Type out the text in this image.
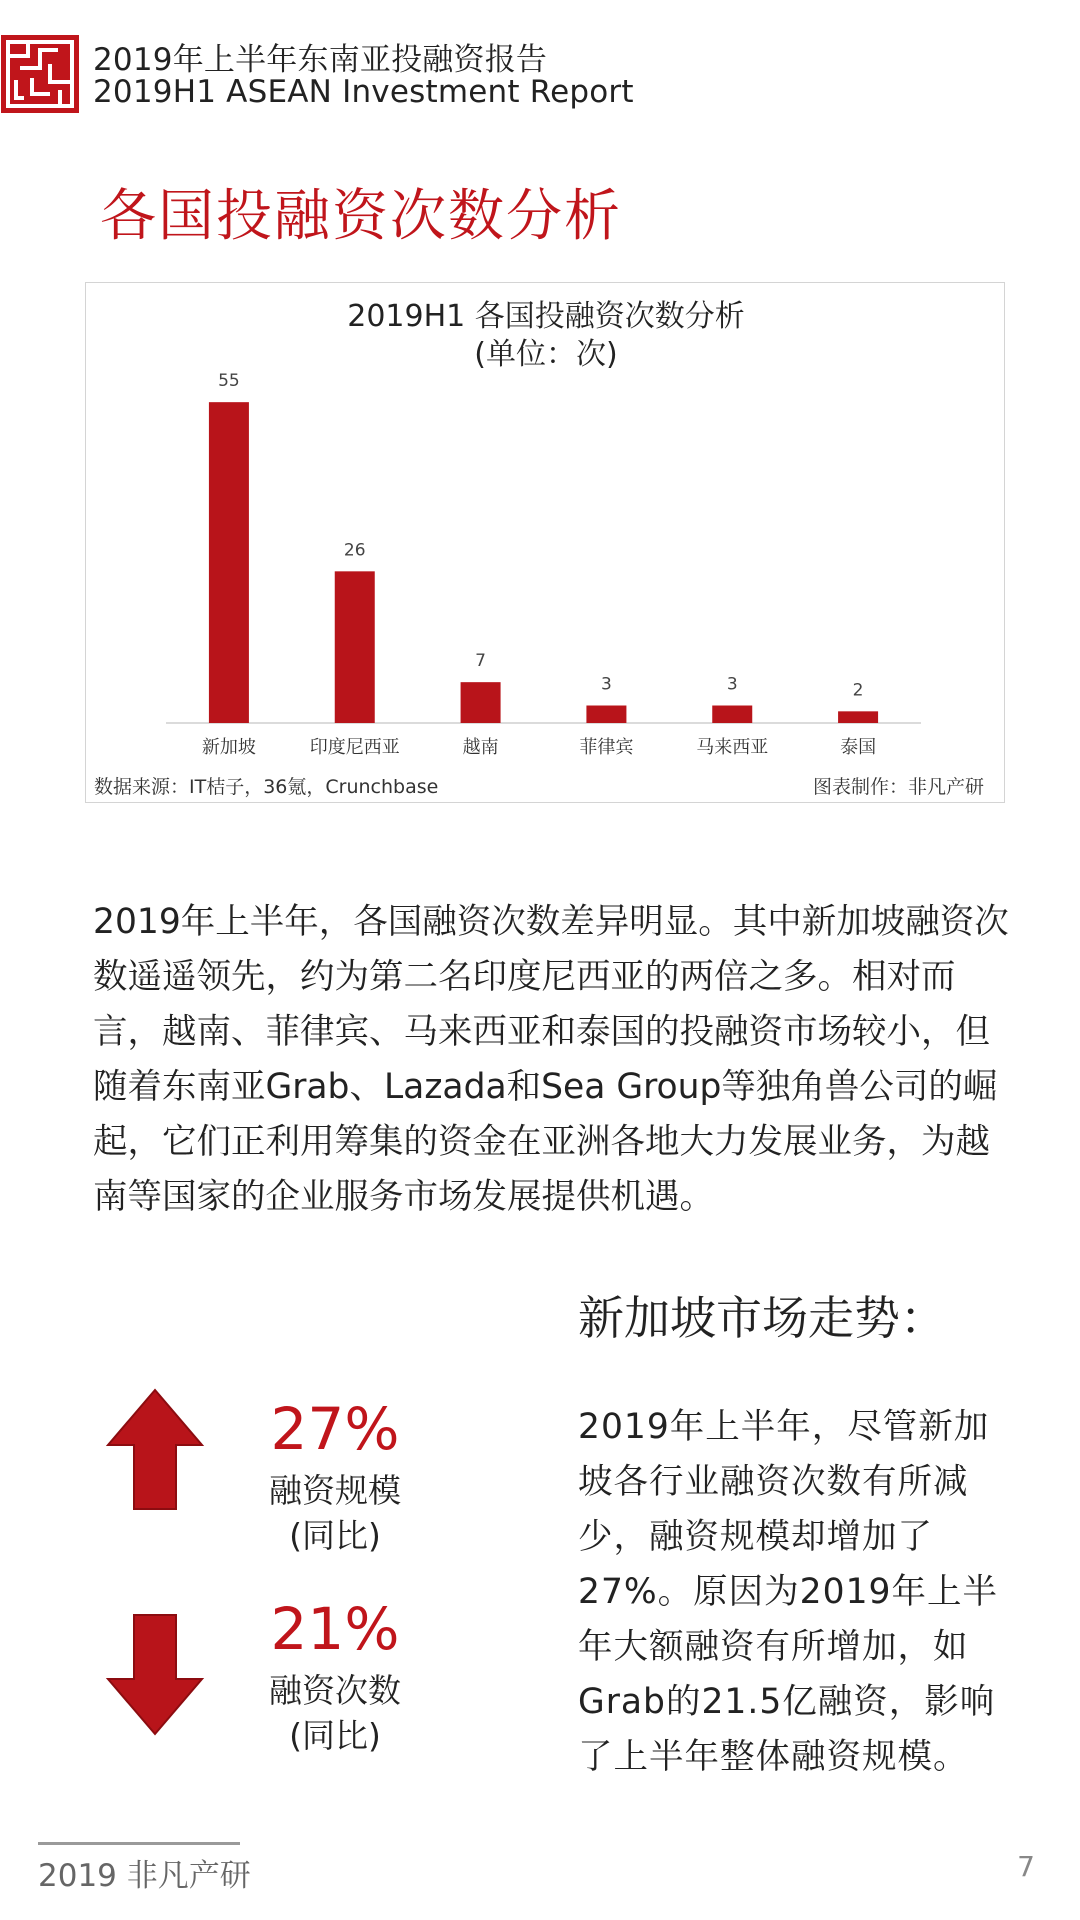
2019年上半年东南亚投融资报告
2019H1 ASEAN Investment Report
各国投融资次数分析
55
新加坡
26
印度尼西亚
7
越南
3
菲律宾
3
马来西亚
2
泰国
2019H1 各国投融资次数分析
(单位：次)
数据来源：IT桔子，36氪，Crunchbase	图表制作：非凡产研

2019年上半年，各国融资次数差异明显。其中新加坡融资次数遥遥领先，约为第二名印度尼西亚的两倍之多。相对而言，越南、菲律宾、马来西亚和泰国的投融资市场较小，但随着东南亚Grab、Lazada和Sea Group等独角兽公司的崛起，它们正利用筹集的资金在亚洲各地大力发展业务，为越南等国家的企业服务市场发展提供机遇。

新加坡市场走势：

2019年上半年，尽管新加坡各行业融资次数有所减少，融资规模却增加了27%。原因为2019年上半年大额融资有所增加，如Grab的21.5亿融资，影响了上半年整体融资规模。

27%
融资规模
(同比)
21%
融资次数
(同比)
2019 非凡产研	7
